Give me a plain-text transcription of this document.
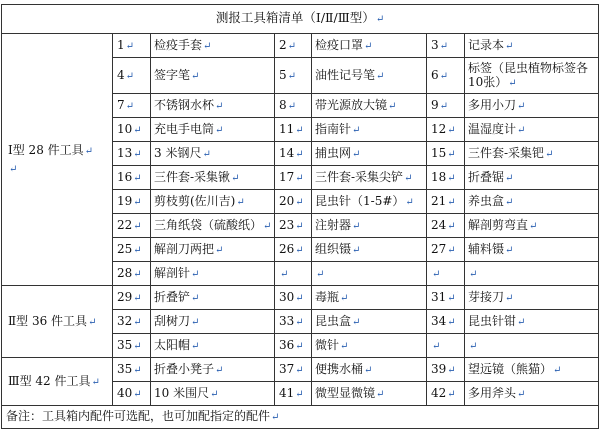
测报工具箱清单（Ⅰ/Ⅱ/Ⅲ型）↵						

Ⅰ型 28 件工具↵
↵	1↵	检疫手套↵	2↵	检疫口罩↵	3↵	记录本↵
	4↵	签字笔↵	5↵	油性记号笔↵	6↵	标签（昆虫植物标签各10张）↵
	7↵	不锈钢水杯↵	8↵	带光源放大镜↵	9↵	多用小刀↵
	10↵	充电手电筒↵	11↵	指南针↵	12↵	温湿度计↵
	13↵	3 米钢尺↵	14↵	捕虫网↵	15↵	三件套-采集钯↵
	16↵	三件套-采集锹↵	17↵	三件套-采集尖铲↵	18↵	折叠锯↵
	19↵	剪枝剪(佐川吉)↵	20↵	昆虫针（1-5#）↵	21↵	养虫盒↵
	22↵	三角纸袋（硫酸纸）↵	23↵	注射器↵	24↵	解剖剪弯直↵
	25↵	解剖刀两把↵	26↵	组织镊↵	27↵	辅料镊↵
	28↵	解剖针↵	↵	↵	↵	↵

Ⅱ型 36 件工具↵	29↵	折叠铲↵	30↵	毒瓶↵	31↵	芽接刀↵
	32↵	刮树刀↵	33↵	昆虫盒↵	34↵	昆虫针钳↵
	35↵	太阳帽↵	36↵	微针↵	↵	↵

Ⅲ型 42 件工具↵	35↵	折叠小凳子↵	37↵	便携水桶↵	39↵	望远镜（熊猫）↵
	40↵	10 米围尺↵	41↵	微型显微镜↵	42↵	多用斧头↵
备注：工具箱内配件可选配，也可加配指定的配件↵						
